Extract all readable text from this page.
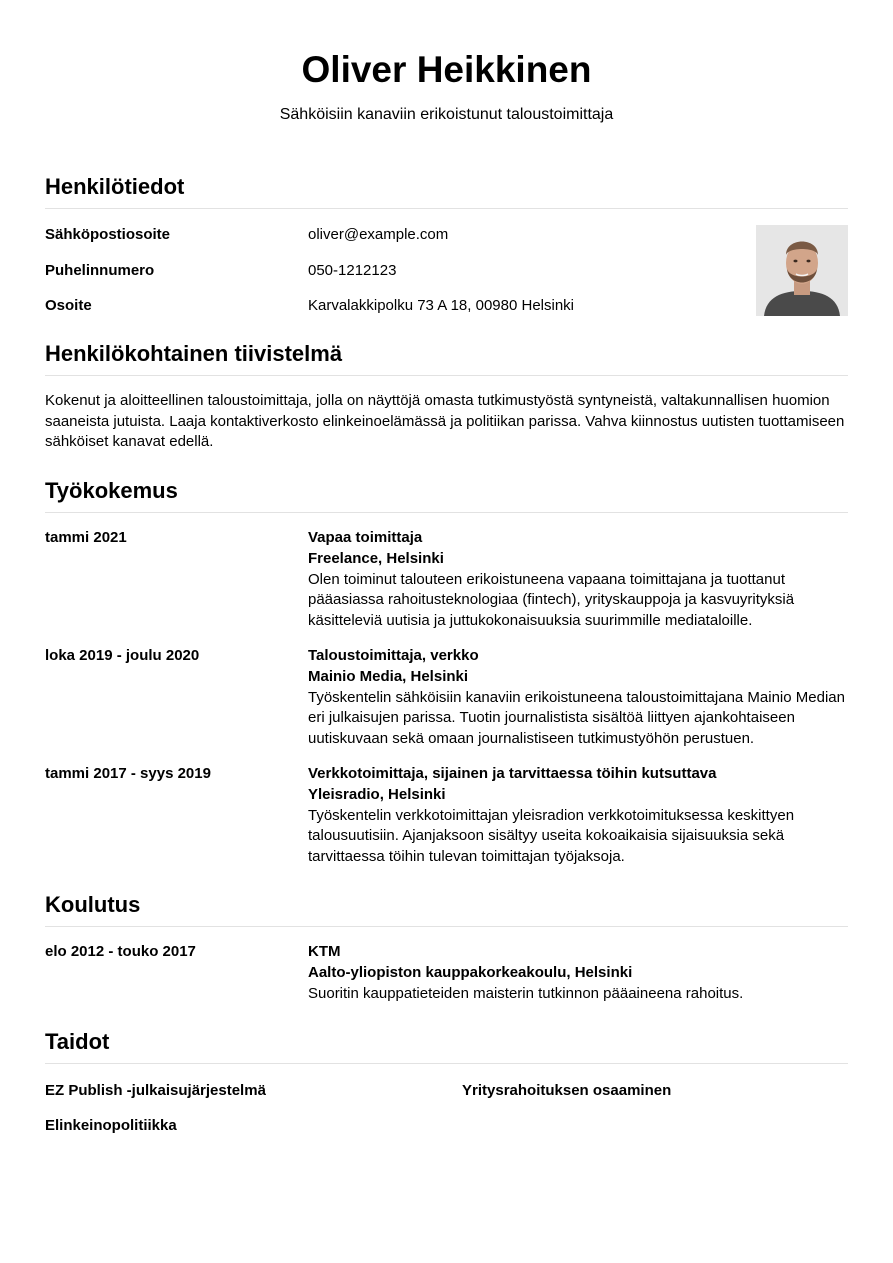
Oliver Heikkinen
Sähköisiin kanaviin erikoistunut taloustoimittaja
Henkilötiedot
Sähköpostiosoite	oliver@example.com
Puhelinnumero	050-1212123
Osoite	Karvalakkipolku 73 A 18, 00980 Helsinki
Henkilökohtainen tiivistelmä
Kokenut ja aloitteellinen taloustoimittaja, jolla on näyttöjä omasta tutkimustyöstä syntyneistä, valtakunnallisen huomion saaneista jutuista. Laaja kontaktiverkosto elinkeinoelämässä ja politiikan parissa. Vahva kiinnostus uutisten tuottamiseen sähköiset kanavat edellä.
Työkokemus
tammi 2021	Vapaa toimittaja
Freelance, Helsinki
Olen toiminut talouteen erikoistuneena vapaana toimittajana ja tuottanut pääasiassa rahoitusteknologiaa (fintech), yrityskauppoja ja kasvuyrityksiä käsitteleviä uutisia ja juttukokonaisuuksia suurimmille mediataloille.
loka 2019 - joulu 2020	Taloustoimittaja, verkko
Mainio Media, Helsinki
Työskentelin sähköisiin kanaviin erikoistuneena taloustoimittajana Mainio Median eri julkaisujen parissa. Tuotin journalistista sisältöä liittyen ajankohtaiseen uutiskuvaan sekä omaan journalistiseen tutkimustyöhön perustuen.
tammi 2017 - syys 2019	Verkkotoimittaja, sijainen ja tarvittaessa töihin kutsuttava
Yleisradio, Helsinki
Työskentelin verkkotoimittajan yleisradion verkkotoimituksessa keskittyen talousuutisiin. Ajanjaksoon sisältyy useita kokoaikaisia sijaisuuksia sekä tarvittaessa töihin tulevan toimittajan työjaksoja.
Koulutus
elo 2012 - touko 2017	KTM
Aalto-yliopiston kauppakorkeakoulu, Helsinki
Suoritin kauppatieteiden maisterin tutkinnon pääaineena rahoitus.
Taidot
EZ Publish -julkaisujärjestelmä	Yritysrahoituksen osaaminen
Elinkeinopolitiikka
